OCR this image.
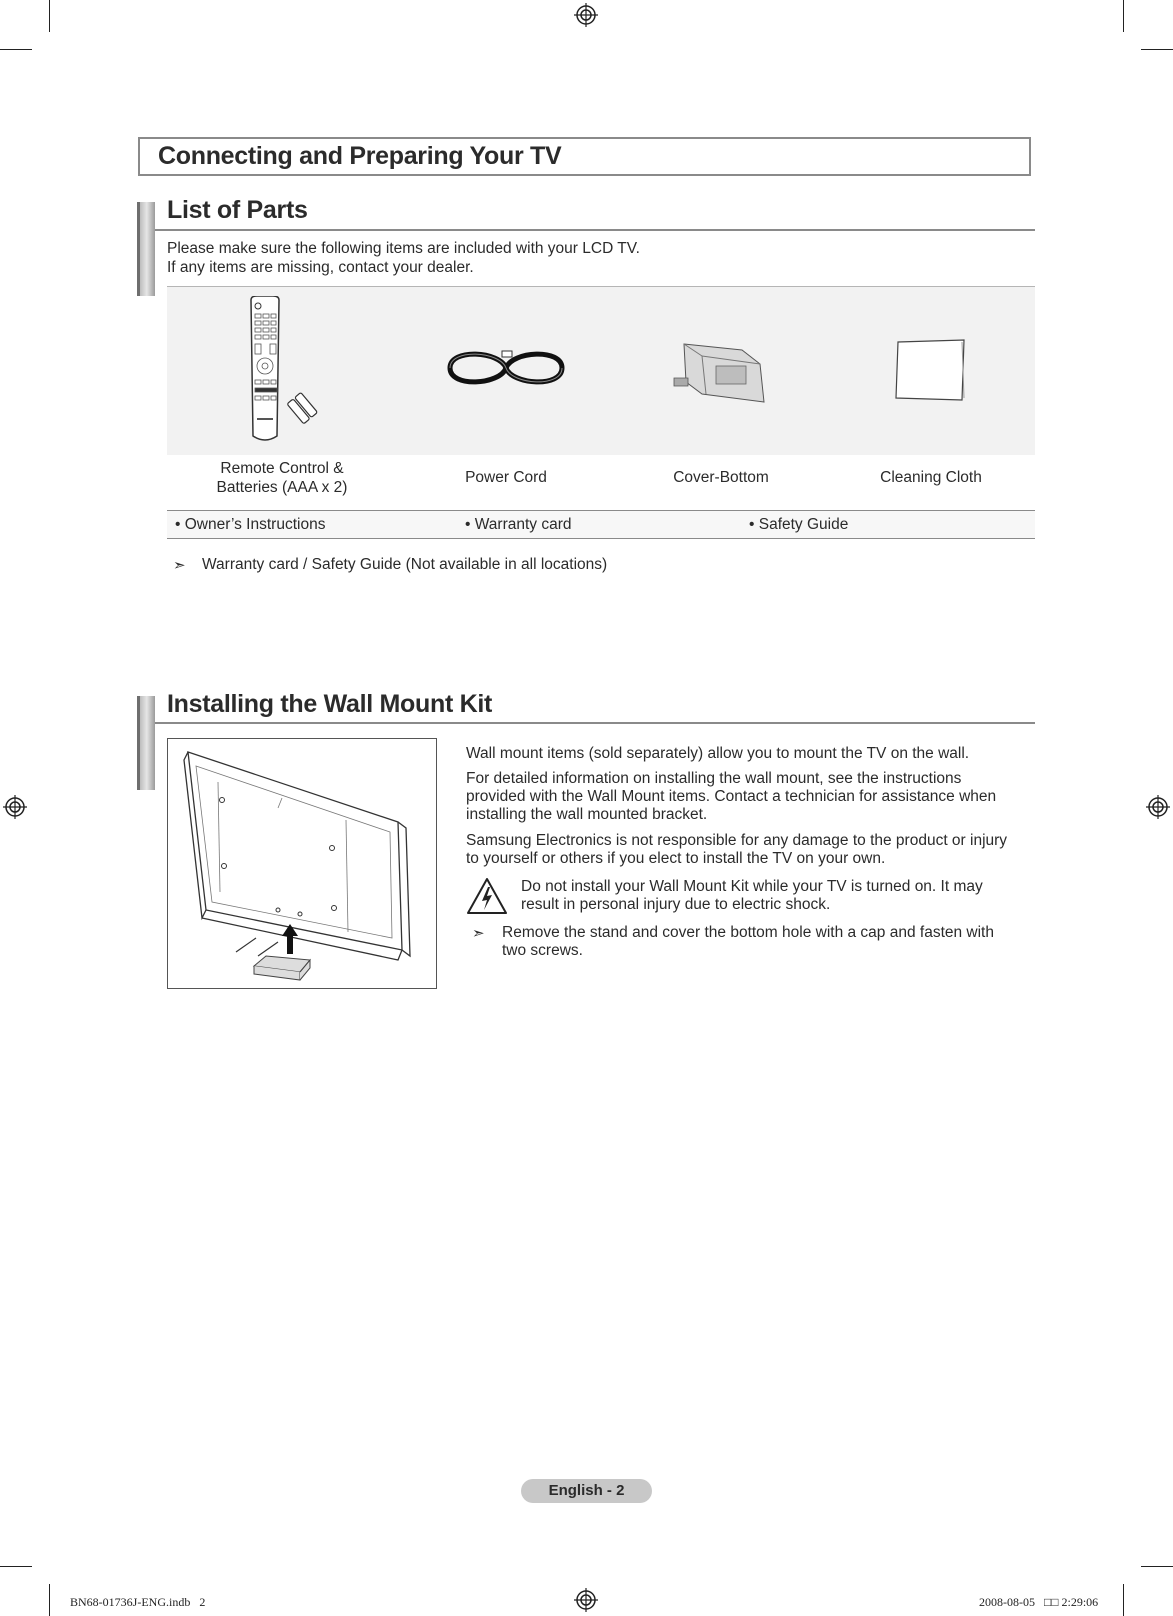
Connecting and Preparing Your TV
List of Parts
Please make sure the following items are included with your LCD TV.
If any items are missing, contact your dealer.
Remote Control &
Batteries (AAA x 2)
Power Cord	Cover-Bottom	Cleaning Cloth
• Owner’s Instructions	• Warranty card	• Safety Guide
➣ Warranty card / Safety Guide (Not available in all locations)
Installing the Wall Mount Kit
Wall mount items (sold separately) allow you to mount the TV on the wall.
For detailed information on installing the wall mount, see the instructions
provided with the Wall Mount items. Contact a technician for assistance when
installing the wall mounted bracket.
Samsung Electronics is not responsible for any damage to the product or injury
to yourself or others if you elect to install the TV on your own.
Do not install your Wall Mount Kit while your TV is turned on. It may
result in personal injury due to electric shock.
➣ Remove the stand and cover the bottom hole with a cap and fasten with
two screws.
English - 2
BN68-01736J-ENG.indb   2	2008-08-05   □□ 2:29:06
